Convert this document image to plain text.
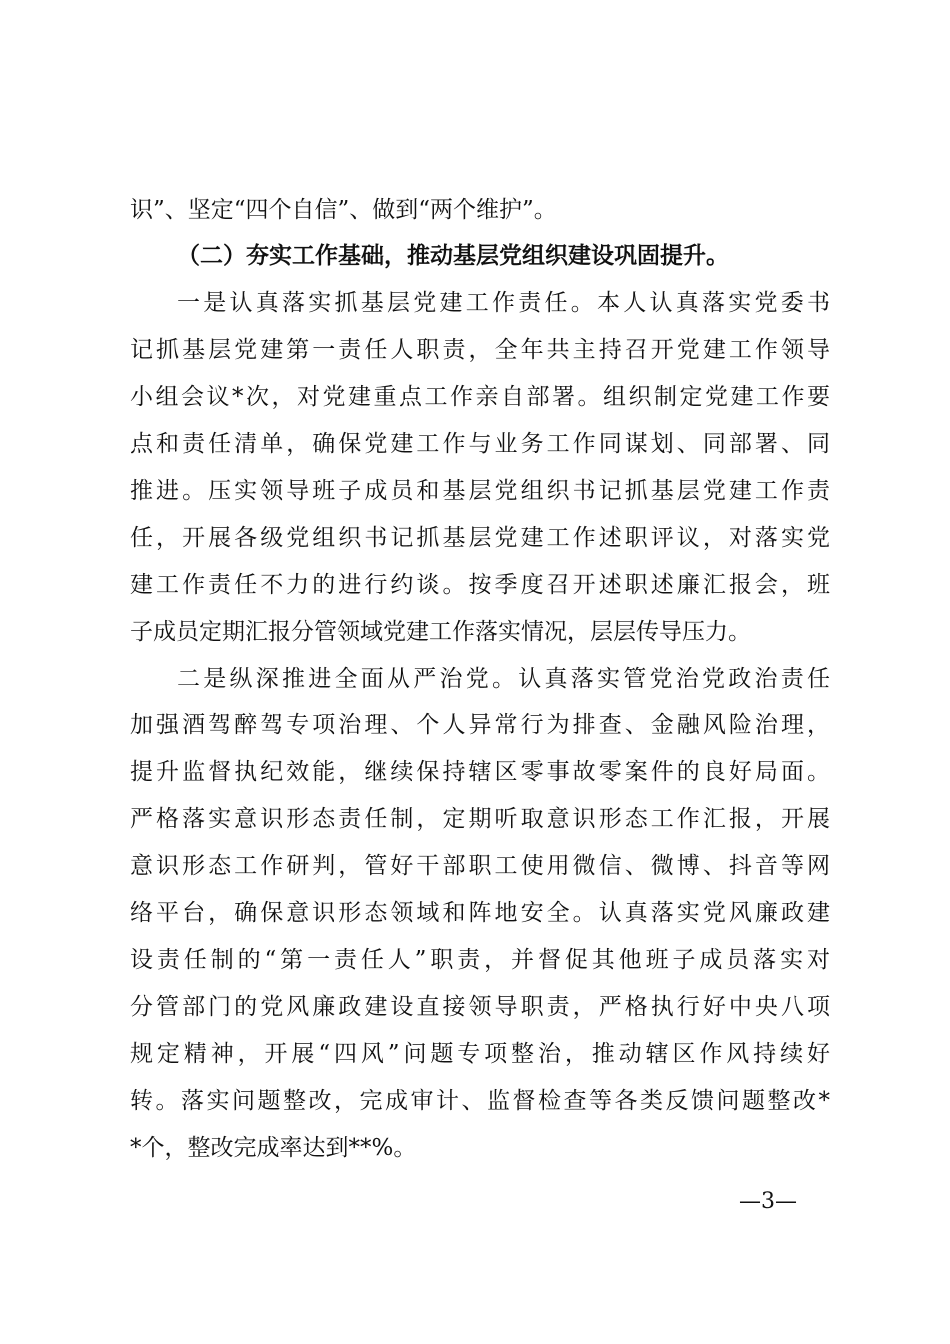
识”、坚定“四个自信”、做到“两个维护”。
（二）夯实工作基础，推动基层党组织建设巩固提升。
一是认真落实抓基层党建工作责任。本人认真落实党委书
记抓基层党建第一责任人职责，全年共主持召开党建工作领导
小组会议*次，对党建重点工作亲自部署。组织制定党建工作要
点和责任清单，确保党建工作与业务工作同谋划、同部署、同
推进。压实领导班子成员和基层党组织书记抓基层党建工作责
任，开展各级党组织书记抓基层党建工作述职评议，对落实党
建工作责任不力的进行约谈。按季度召开述职述廉汇报会，班
子成员定期汇报分管领域党建工作落实情况，层层传导压力。
二是纵深推进全面从严治党。认真落实管党治党政治责任
加强酒驾醉驾专项治理、个人异常行为排查、金融风险治理，
提升监督执纪效能，继续保持辖区零事故零案件的良好局面。
严格落实意识形态责任制，定期听取意识形态工作汇报，开展
意识形态工作研判，管好干部职工使用微信、微博、抖音等网
络平台，确保意识形态领域和阵地安全。认真落实党风廉政建
设责任制的“第一责任人”职责，并督促其他班子成员落实对
分管部门的党风廉政建设直接领导职责，严格执行好中央八项
规定精神，开展“四风”问题专项整治，推动辖区作风持续好
转。落实问题整改，完成审计、监督检查等各类反馈问题整改*
*个，整改完成率达到**%。
—3—
